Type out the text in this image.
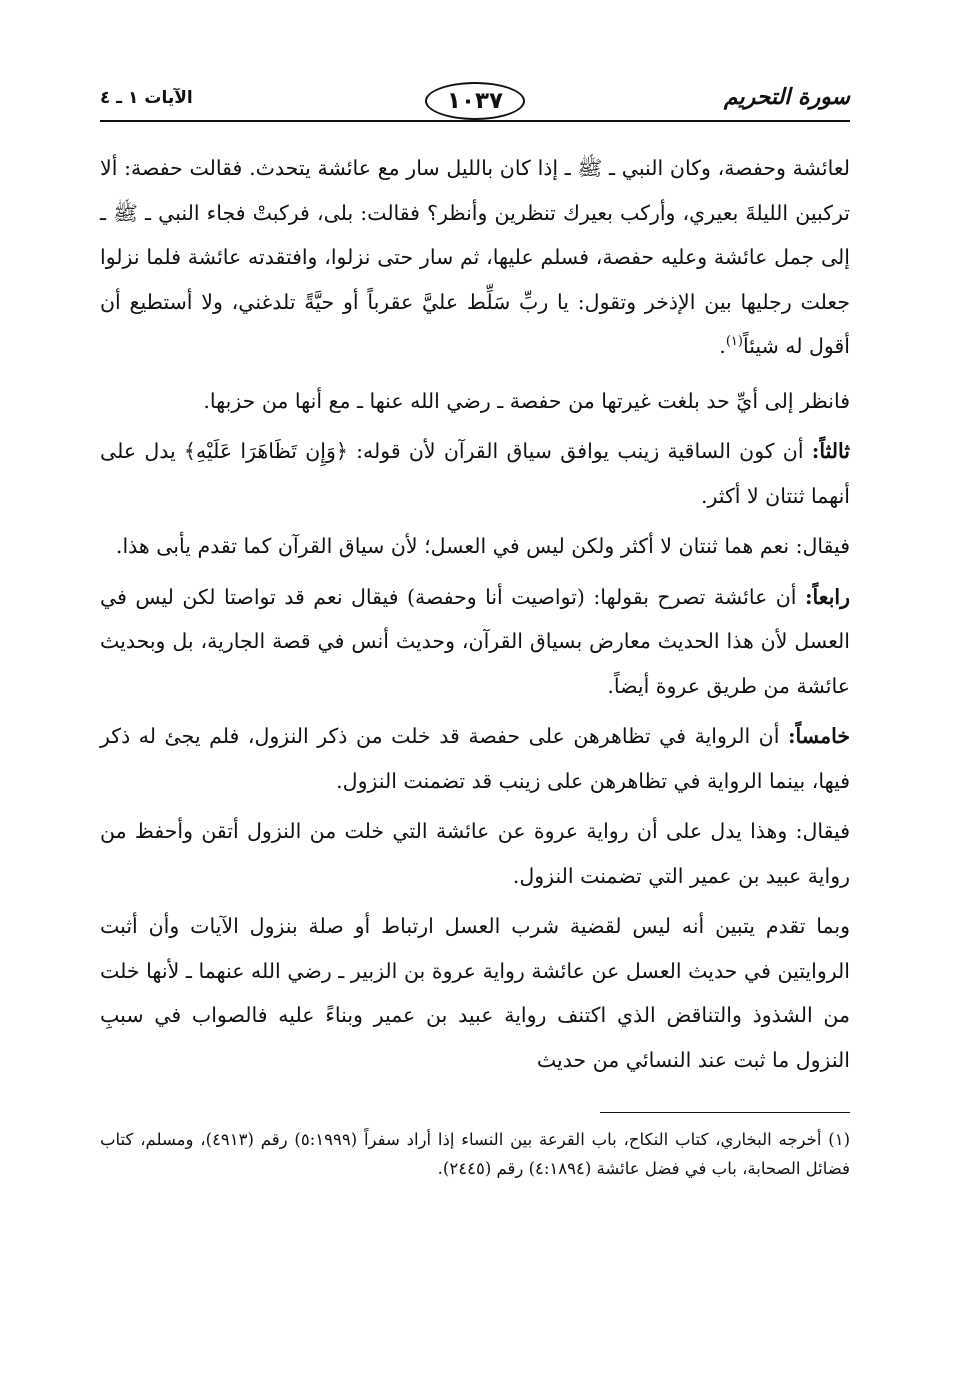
سورة التحريم
١٠٣٧
الآيات ١ ـ ٤

لعائشة وحفصة، وكان النبي ـ ﷺ ـ إذا كان بالليل سار مع عائشة يتحدث. فقالت حفصة: ألا تركبين الليلةَ بعيري، وأركب بعيرك تنظرين وأنظر؟ فقالت: بلى، فركبتْ فجاء النبي ـ ﷺ ـ إلى جمل عائشة وعليه حفصة، فسلم عليها، ثم سار حتى نزلوا، وافتقدته عائشة فلما نزلوا جعلت رجليها بين الإذخر وتقول: يا ربِّ سَلِّط عليَّ عقرباً أو حيَّةً تلدغني، ولا أستطيع أن أقول له شيئاً$^{(١)}$.

فانظر إلى أيِّ حد بلغت غيرتها من حفصة ـ رضي الله عنها ـ مع أنها من حزبها.

ثالثاً: أن كون الساقية زينب يوافق سياق القرآن لأن قوله: ﴿وَإِن تَظَاهَرَا عَلَيْهِ﴾ يدل على أنهما ثنتان لا أكثر.

فيقال: نعم هما ثنتان لا أكثر ولكن ليس في العسل؛ لأن سياق القرآن كما تقدم يأبى هذا.

رابعاً: أن عائشة تصرح بقولها: (تواصيت أنا وحفصة) فيقال نعم قد تواصتا لكن ليس في العسل لأن هذا الحديث معارض بسياق القرآن، وحديث أنس في قصة الجارية، بل وبحديث عائشة من طريق عروة أيضاً.

خامساً: أن الرواية في تظاهرهن على حفصة قد خلت من ذكر النزول، فلم يجئ له ذكر فيها، بينما الرواية في تظاهرهن على زينب قد تضمنت النزول.

فيقال: وهذا يدل على أن رواية عروة عن عائشة التي خلت من النزول أتقن وأحفظ من رواية عبيد بن عمير التي تضمنت النزول.

وبما تقدم يتبين أنه ليس لقضية شرب العسل ارتباط أو صلة بنزول الآيات وأن أثبت الروايتين في حديث العسل عن عائشة رواية عروة بن الزبير ـ رضي الله عنهما ـ لأنها خلت من الشذوذ والتناقض الذي اكتنف رواية عبيد بن عمير وبناءً عليه فالصواب في سببِ النزول ما ثبت عند النسائي من حديث

(١) أخرجه البخاري، كتاب النكاح، باب القرعة بين النساء إذا أراد سفراً (٥:١٩٩٩) رقم (٤٩١٣)، ومسلم، كتاب فضائل الصحابة، باب في فضل عائشة (٤:١٨٩٤) رقم (٢٤٤٥).
